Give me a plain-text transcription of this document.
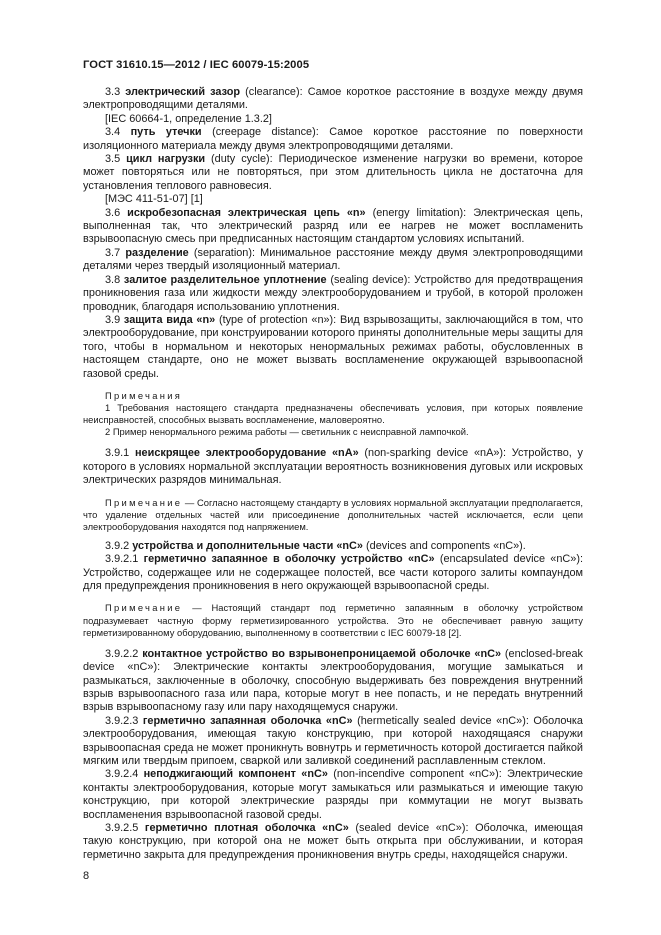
ГОСТ 31610.15—2012 / IEC 60079-15:2005

3.3 электрический зазор (clearance): Самое короткое расстояние в воздухе между двумя электропроводящими деталями.

[IEC 60664-1, определение 1.3.2]

3.4 путь утечки (creepage distance): Самое короткое расстояние по поверхности изоляционного материала между двумя электропроводящими деталями.

3.5 цикл нагрузки (duty cycle): Периодическое изменение нагрузки во времени, которое может повторяться или не повторяться, при этом длительность цикла не достаточна для установления теплового равновесия.

[МЭС 411-51-07] [1]

3.6 искробезопасная электрическая цепь «n» (energy limitation): Электрическая цепь, выполненная так, что электрический разряд или ее нагрев не может воспламенить взрывоопасную смесь при предписанных настоящим стандартом условиях испытаний.

3.7 разделение (separation): Минимальное расстояние между двумя электропроводящими деталями через твердый изоляционный материал.

3.8 залитое разделительное уплотнение (sealing device): Устройство для предотвращения проникновения газа или жидкости между электрооборудованием и трубой, в которой проложен проводник, благодаря использованию уплотнения.

3.9 защита вида «n» (type of protection «n»): Вид взрывозащиты, заключающийся в том, что электрооборудование, при конструировании которого приняты дополнительные меры защиты для того, чтобы в нормальном и некоторых ненормальных режимах работы, обусловленных в настоящем стандарте, оно не может вызвать воспламенение окружающей взрывоопасной газовой среды.

Примечания

1 Требования настоящего стандарта предназначены обеспечивать условия, при которых появление неисправностей, способных вызвать воспламенение, маловероятно.

2 Пример ненормального режима работы — светильник с неисправной лампочкой.

3.9.1 неискрящее электрооборудование «nA» (non-sparking device «nA»): Устройство, у которого в условиях нормальной эксплуатации вероятность возникновения дуговых или искровых электрических разрядов минимальная.

Примечание — Согласно настоящему стандарту в условиях нормальной эксплуатации предполагается, что удаление отдельных частей или присоединение дополнительных частей исключается, если цепи электрооборудования находятся под напряжением.

3.9.2 устройства и дополнительные части «nC» (devices and components «nC»).

3.9.2.1 герметично запаянное в оболочку устройство «nC» (encapsulated device «nC»): Устройство, содержащее или не содержащее полостей, все части которого залиты компаундом для предупреждения проникновения в него окружающей взрывоопасной среды.

Примечание — Настоящий стандарт под герметично запаянным в оболочку устройством подразумевает частную форму герметизированного устройства. Это не обеспечивает равную защиту герметизированному оборудованию, выполненному в соответствии с IEC 60079-18 [2].

3.9.2.2 контактное устройство во взрывонепроницаемой оболочке «nC» (enclosed-break device «nC»): Электрические контакты электрооборудования, могущие замыкаться и размыкаться, заключенные в оболочку, способную выдерживать без повреждения внутренний взрыв взрывоопасного газа или пара, которые могут в нее попасть, и не передать внутренний взрыв взрывоопасному газу или пару находящемуся снаружи.

3.9.2.3 герметично запаянная оболочка «nC» (hermetically sealed device «nC»): Оболочка электрооборудования, имеющая такую конструкцию, при которой находящаяся снаружи взрывоопасная среда не может проникнуть вовнутрь и герметичность которой достигается пайкой мягким или твердым припоем, сваркой или заливкой соединений расплавленным стеклом.

3.9.2.4 неподжигающий компонент «nC» (non-incendive component «nC»): Электрические контакты электрооборудования, которые могут замыкаться или размыкаться и имеющие такую конструкцию, при которой электрические разряды при коммутации не могут вызвать воспламенения взрывоопасной газовой среды.

3.9.2.5 герметично плотная оболочка «nC» (sealed device «nC»): Оболочка, имеющая такую конструкцию, при которой она не может быть открыта при обслуживании, и которая герметично закрыта для предупреждения проникновения внутрь среды, находящейся снаружи.

8
